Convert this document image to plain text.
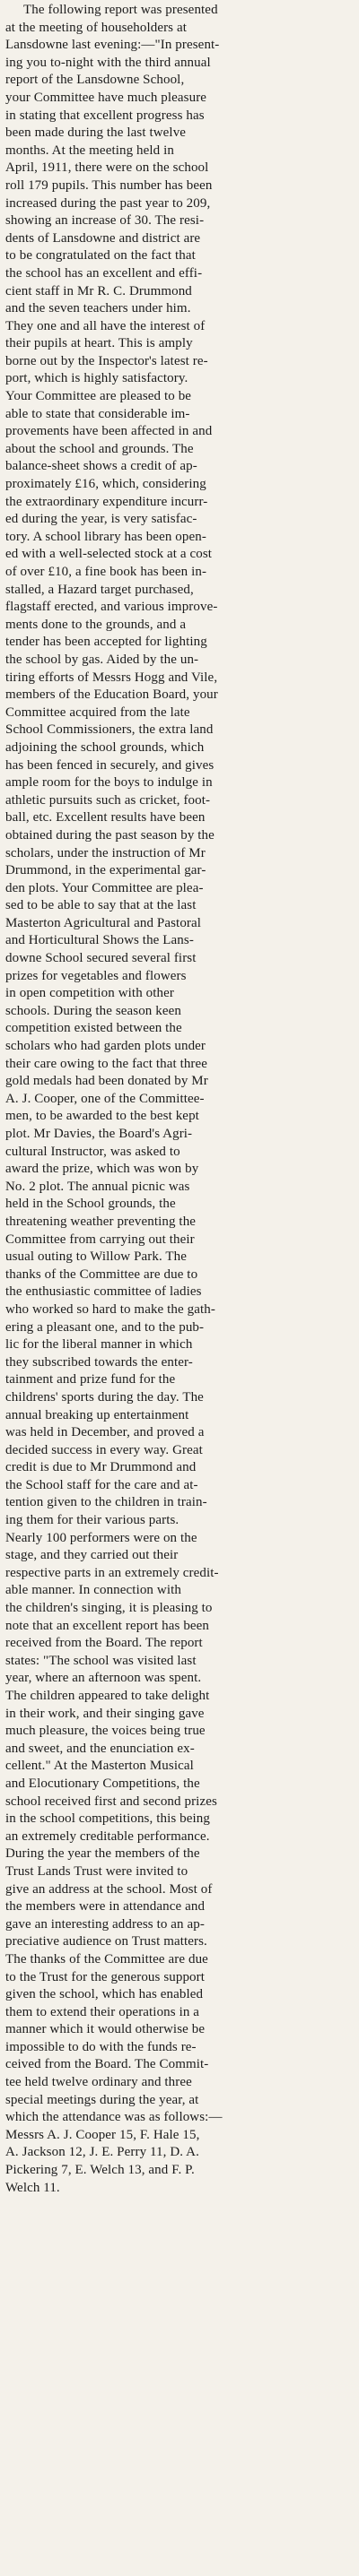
The following report was presented
at the meeting of householders at
Lansdowne last evening:—"In present-
ing you to-night with the third annual
report of the Lansdowne School,
your Committee have much pleasure
in stating that excellent progress has
been made during the last twelve
months. At the meeting held in
April, 1911, there were on the school
roll 179 pupils. This number has been
increased during the past year to 209,
showing an increase of 30. The resi-
dents of Lansdowne and district are
to be congratulated on the fact that
the school has an excellent and effi-
cient staff in Mr R. C. Drummond
and the seven teachers under him.
They one and all have the interest of
their pupils at heart. This is amply
borne out by the Inspector's latest re-
port, which is highly satisfactory.
Your Committee are pleased to be
able to state that considerable im-
provements have been affected in and
about the school and grounds. The
balance-sheet shows a credit of ap-
proximately £16, which, considering
the extraordinary expenditure incurr-
ed during the year, is very satisfac-
tory. A school library has been open-
ed with a well-selected stock at a cost
of over £10, a fine book has been in-
stalled, a Hazard target purchased,
flagstaff erected, and various improve-
ments done to the grounds, and a
tender has been accepted for lighting
the school by gas. Aided by the un-
tiring efforts of Messrs Hogg and Vile,
members of the Education Board, your
Committee acquired from the late
School Commissioners, the extra land
adjoining the school grounds, which
has been fenced in securely, and gives
ample room for the boys to indulge in
athletic pursuits such as cricket, foot-
ball, etc. Excellent results have been
obtained during the past season by the
scholars, under the instruction of Mr
Drummond, in the experimental gar-
den plots. Your Committee are plea-
sed to be able to say that at the last
Masterton Agricultural and Pastoral
and Horticultural Shows the Lans-
downe School secured several first
prizes for vegetables and flowers
in open competition with other
schools. During the season keen
competition existed between the
scholars who had garden plots under
their care owing to the fact that three
gold medals had been donated by Mr
A. J. Cooper, one of the Committee-
men, to be awarded to the best kept
plot. Mr Davies, the Board's Agri-
cultural Instructor, was asked to
award the prize, which was won by
No. 2 plot. The annual picnic was
held in the School grounds, the
threatening weather preventing the
Committee from carrying out their
usual outing to Willow Park. The
thanks of the Committee are due to
the enthusiastic committee of ladies
who worked so hard to make the gath-
ering a pleasant one, and to the pub-
lic for the liberal manner in which
they subscribed towards the enter-
tainment and prize fund for the
childrens' sports during the day. The
annual breaking up entertainment
was held in December, and proved a
decided success in every way. Great
credit is due to Mr Drummond and
the School staff for the care and at-
tention given to the children in train-
ing them for their various parts.
Nearly 100 performers were on the
stage, and they carried out their
respective parts in an extremely credit-
able manner. In connection with
the children's singing, it is pleasing to
note that an excellent report has been
received from the Board. The report
states: "The school was visited last
year, where an afternoon was spent.
The children appeared to take delight
in their work, and their singing gave
much pleasure, the voices being true
and sweet, and the enunciation ex-
cellent." At the Masterton Musical
and Elocutionary Competitions, the
school received first and second prizes
in the school competitions, this being
an extremely creditable performance.
During the year the members of the
Trust Lands Trust were invited to
give an address at the school. Most of
the members were in attendance and
gave an interesting address to an ap-
preciative audience on Trust matters.
The thanks of the Committee are due
to the Trust for the generous support
given the school, which has enabled
them to extend their operations in a
manner which it would otherwise be
impossible to do with the funds re-
ceived from the Board. The Commit-
tee held twelve ordinary and three
special meetings during the year, at
which the attendance was as follows:—
Messrs A. J. Cooper 15, F. Hale 15,
A. Jackson 12, J. E. Perry 11, D. A.
Pickering 7, E. Welch 13, and F. P.
Welch 11.
